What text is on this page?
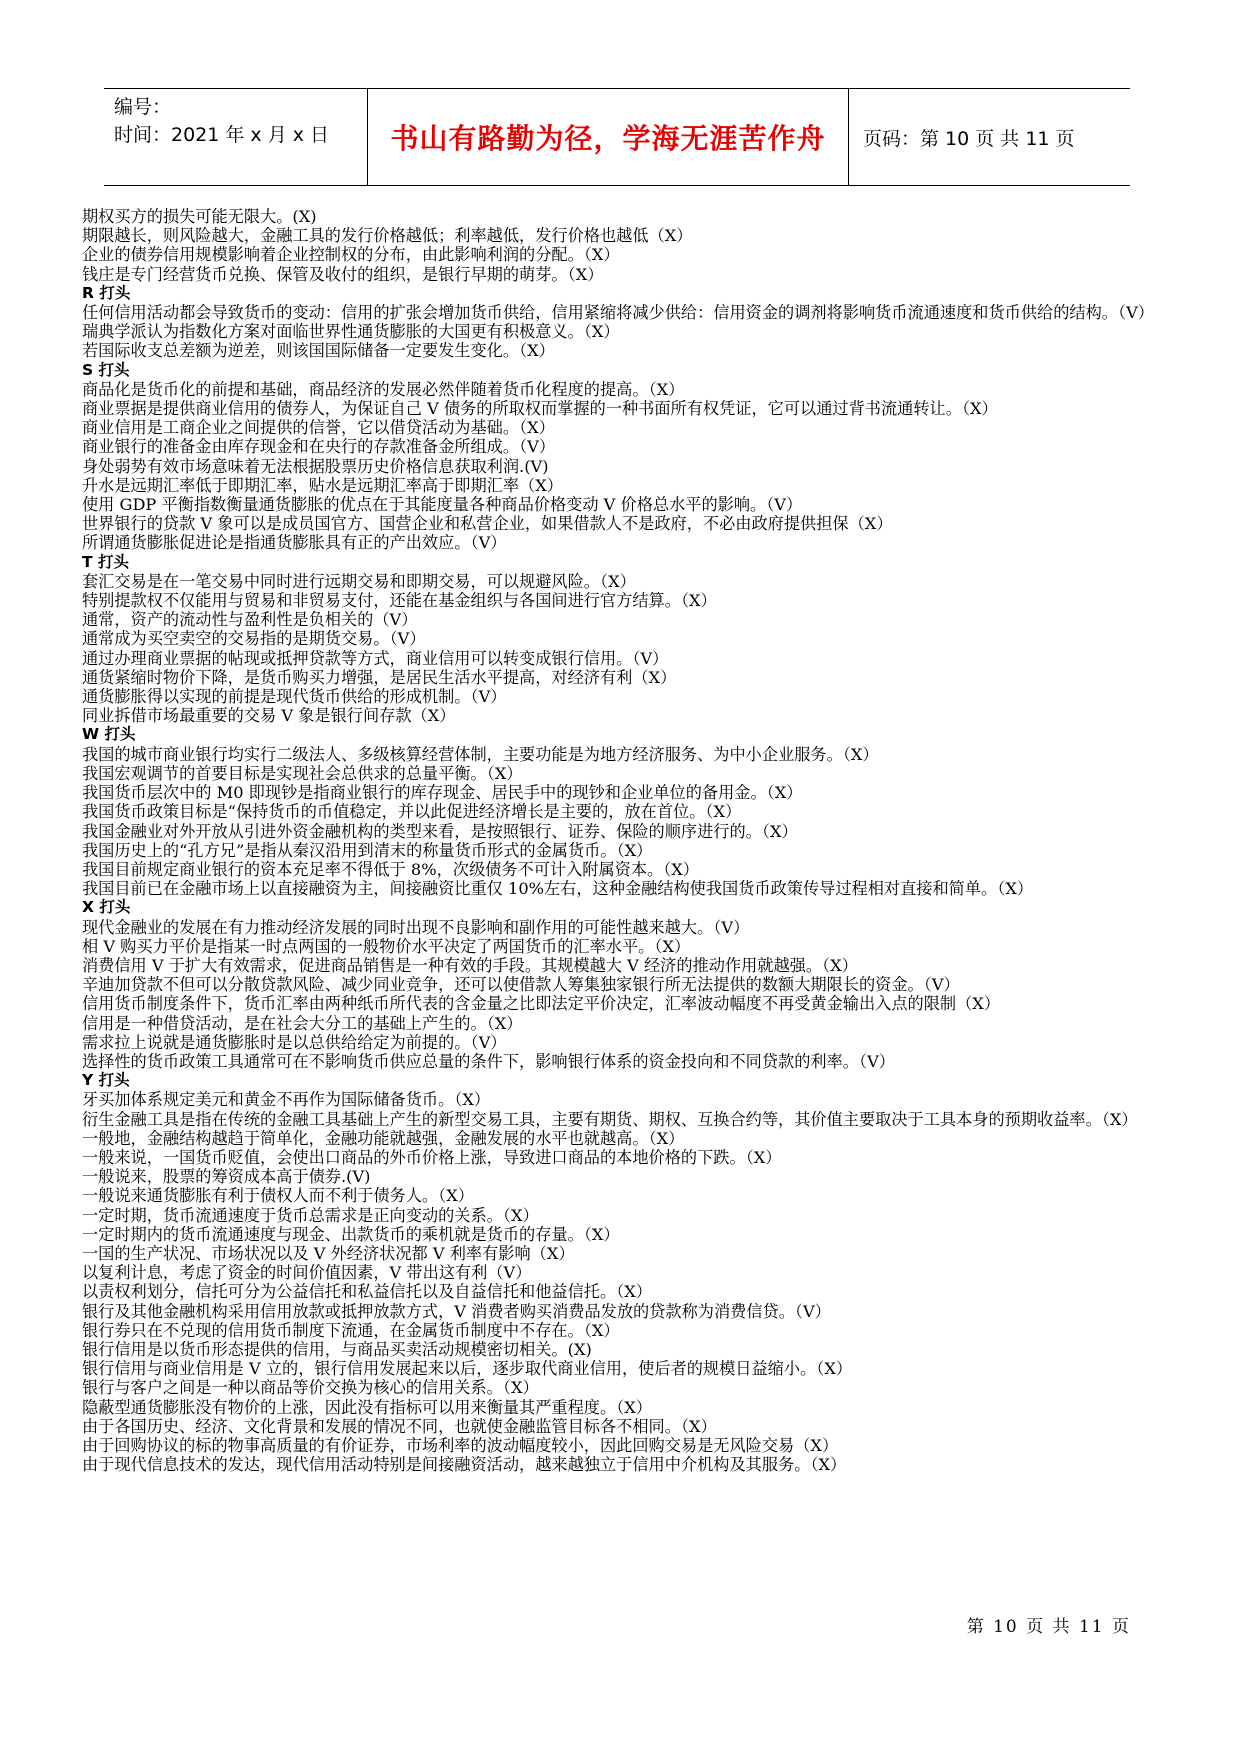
编号：
时间：2021 年 x 月 x 日	书山有路勤为径，学海无涯苦作舟 页码：第 10 页 共 11 页
期权买方的损失可能无限大。(X)
期限越长，则风险越大，金融工具的发行价格越低；利率越低，发行价格也越低（X）
企业的债券信用规模影响着企业控制权的分布，由此影响利润的分配。（X）
钱庄是专门经营货币兑换、保管及收付的组织，是银行早期的萌芽。（X）
R 打头
任何信用活动都会导致货币的变动：信用的扩张会增加货币供给，信用紧缩将减少供给：信用资金的调剂将影响货币流通速度和货币供给的结构。（V）
瑞典学派认为指数化方案对面临世界性通货膨胀的大国更有积极意义。（X）
若国际收支总差额为逆差，则该国国际储备一定要发生变化。（X）
S 打头
商品化是货币化的前提和基础，商品经济的发展必然伴随着货币化程度的提高。（X）
商业票据是提供商业信用的债券人，为保证自己 V 债务的所取权而掌握的一种书面所有权凭证，它可以通过背书流通转让。（X）
商业信用是工商企业之间提供的信誉，它以借贷活动为基础。（X）
商业银行的准备金由库存现金和在央行的存款准备金所组成。（V）
身处弱势有效市场意味着无法根据股票历史价格信息获取利润.(V)
升水是远期汇率低于即期汇率，贴水是远期汇率高于即期汇率（X）
使用 GDP 平衡指数衡量通货膨胀的优点在于其能度量各种商品价格变动 V 价格总水平的影响。（V）
世界银行的贷款 V 象可以是成员国官方、国营企业和私营企业，如果借款人不是政府，不必由政府提供担保（X）
所谓通货膨胀促进论是指通货膨胀具有正的产出效应。（V）
T 打头
套汇交易是在一笔交易中同时进行远期交易和即期交易，可以规避风险。（X）
特别提款权不仅能用与贸易和非贸易支付，还能在基金组织与各国间进行官方结算。（X）
通常，资产的流动性与盈利性是负相关的（V）
通常成为买空卖空的交易指的是期货交易。（V）
通过办理商业票据的帖现或抵押贷款等方式，商业信用可以转变成银行信用。（V）
通货紧缩时物价下降，是货币购买力增强，是居民生活水平提高，对经济有利（X）
通货膨胀得以实现的前提是现代货币供给的形成机制。（V）
同业拆借市场最重要的交易 V 象是银行间存款（X）
W 打头
我国的城市商业银行均实行二级法人、多级核算经营体制，主要功能是为地方经济服务、为中小企业服务。（X）
我国宏观调节的首要目标是实现社会总供求的总量平衡。（X）
我国货币层次中的 M0 即现钞是指商业银行的库存现金、居民手中的现钞和企业单位的备用金。（X）
我国货币政策目标是“保持货币的币值稳定，并以此促进经济增长是主要的，放在首位。（X）
我国金融业对外开放从引进外资金融机构的类型来看，是按照银行、证券、保险的顺序进行的。（X）
我国历史上的“孔方兄”是指从秦汉沿用到清末的称量货币形式的金属货币。（X）
我国目前规定商业银行的资本充足率不得低于 8%，次级债务不可计入附属资本。（X）
我国目前已在金融市场上以直接融资为主，间接融资比重仅 10%左右，这种金融结构使我国货币政策传导过程相对直接和简单。（X）
X 打头
现代金融业的发展在有力推动经济发展的同时出现不良影响和副作用的可能性越来越大。（V）
相 V 购买力平价是指某一时点两国的一般物价水平决定了两国货币的汇率水平。（X）
消费信用 V 于扩大有效需求，促进商品销售是一种有效的手段。其规模越大 V 经济的推动作用就越强。（X）
辛迪加贷款不但可以分散贷款风险、减少同业竞争，还可以使借款人筹集独家银行所无法提供的数额大期限长的资金。（V）
信用货币制度条件下，货币汇率由两种纸币所代表的含金量之比即法定平价决定，汇率波动幅度不再受黄金输出入点的限制（X）
信用是一种借贷活动，是在社会大分工的基础上产生的。（X）
需求拉上说就是通货膨胀时是以总供给给定为前提的。（V）
选择性的货币政策工具通常可在不影响货币供应总量的条件下，影响银行体系的资金投向和不同贷款的利率。（V）
Y 打头
牙买加体系规定美元和黄金不再作为国际储备货币。（X）
衍生金融工具是指在传统的金融工具基础上产生的新型交易工具，主要有期货、期权、互换合约等，其价值主要取决于工具本身的预期收益率。（X）
一般地，金融结构越趋于简单化，金融功能就越强，金融发展的水平也就越高。（X）
一般来说，一国货币贬值，会使出口商品的外币价格上涨，导致进口商品的本地价格的下跌。（X）
一般说来，股票的筹资成本高于债券.(V)
一般说来通货膨胀有利于债权人而不利于债务人。（X）
一定时期，货币流通速度于货币总需求是正向变动的关系。（X）
一定时期内的货币流通速度与现金、出款货币的乘机就是货币的存量。（X）
一国的生产状况、市场状况以及 V 外经济状况都 V 利率有影响（X）
以复利计息，考虑了资金的时间价值因素，V 带出这有利（V）
以责权利划分，信托可分为公益信托和私益信托以及自益信托和他益信托。（X）
银行及其他金融机构采用信用放款或抵押放款方式，V 消费者购买消费品发放的贷款称为消费信贷。（V）
银行券只在不兑现的信用货币制度下流通，在金属货币制度中不存在。（X）
银行信用是以货币形态提供的信用，与商品买卖活动规模密切相关。(X)
银行信用与商业信用是 V 立的，银行信用发展起来以后，逐步取代商业信用，使后者的规模日益缩小。（X）
银行与客户之间是一种以商品等价交换为核心的信用关系。（X）
隐蔽型通货膨胀没有物价的上涨，因此没有指标可以用来衡量其严重程度。（X）
由于各国历史、经济、文化背景和发展的情况不同，也就使金融监管目标各不相同。（X）
由于回购协议的标的物事高质量的有价证券，市场利率的波动幅度较小，因此回购交易是无风险交易（X）
由于现代信息技术的发达，现代信用活动特别是间接融资活动，越来越独立于信用中介机构及其服务。（X）
第 10 页 共 11 页
